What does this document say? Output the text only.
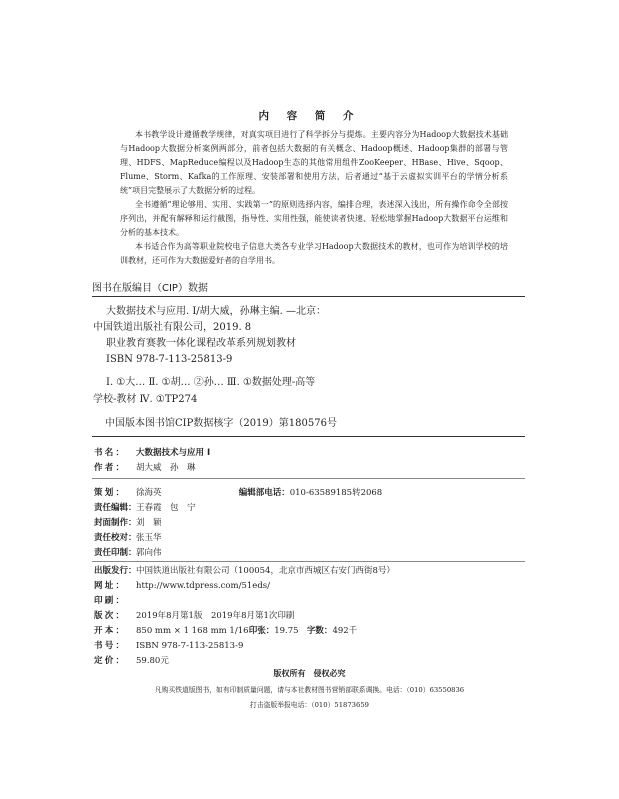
内 容 简 介

本书教学设计遵循教学规律，对真实项目进行了科学拆分与提炼。主要内容分为Hadoop大数据技术基础与Hadoop大数据分析案例两部分，前者包括大数据的有关概念、Hadoop概述、Hadoop集群的部署与管理、HDFS、MapReduce编程以及Hadoop生态的其他常用组件ZooKeeper、HBase、Hive、Sqoop、Flume、Storm、Kafka的工作原理、安装部署和使用方法，后者通过“基于云虚拟实训平台的学情分析系统”项目完整展示了大数据分析的过程。

全书遵循“理论够用、实用、实践第一”的原则选择内容，编排合理，表述深入浅出，所有操作命令全部按序列出，并配有解释和运行截图，指导性、实用性强，能使读者快速、轻松地掌握Hadoop大数据平台运维和分析的基本技术。

本书适合作为高等职业院校电子信息大类各专业学习Hadoop大数据技术的教材，也可作为培训学校的培训教材，还可作为大数据爱好者的自学用书。

图书在版编目（CIP）数据
大数据技术与应用. Ⅰ/胡大威，孙琳主编. —北京：
中国铁道出版社有限公司，2019. 8
职业教育赛教一体化课程改革系列规划教材
ISBN 978-7-113-25813-9
Ⅰ. ①大… Ⅱ. ①胡… ②孙… Ⅲ. ①数据处理-高等
学校-教材 Ⅳ. ①TP274
中国版本图书馆CIP数据核字（2019）第180576号
书名： 大数据技术与应用 Ⅰ
作者： 胡大威　孙　琳
策划： 徐海英	编辑部电话：010-63589185转2068
责任编辑：王春霞　包　宁
封面制作：刘　颖
责任校对：张玉华
责任印制：郭向伟
出版发行：中国铁道出版社有限公司（100054，北京市西城区右安门西街8号）
网址： http://www.tdpress.com/51eds/
印刷：
版次： 2019年8月第1版　2019年8月第1次印刷
开本： 850 mm × 1 168 mm 1/16 印张：19.75 字数：492千
书号： ISBN 978-7-113-25813-9
定价： 59.80元
版权所有　侵权必究
凡购买铁道版图书，如有印制质量问题，请与本社教材图书营销部联系调换。电话：（010）63550836
打击盗版举报电话：（010）51873659
